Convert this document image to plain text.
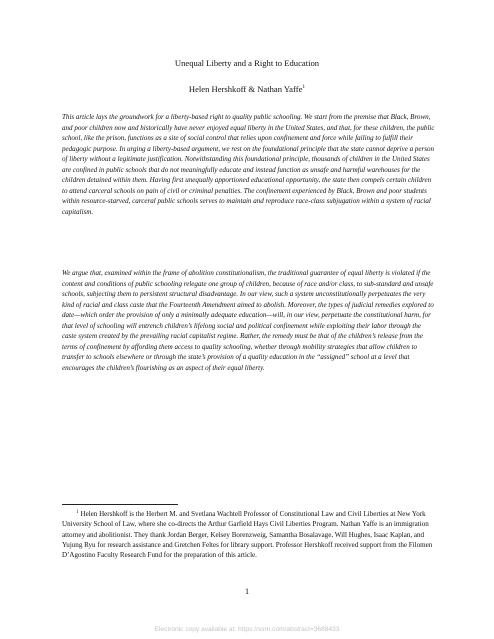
Unequal Liberty and a Right to Education
Helen Hershkoff & Nathan Yaffe$^1$

This article lays the groundwork for a liberty-based right to quality public schooling. We start from the premise that Black, Brown, and poor children now and historically have never enjoyed equal liberty in the United States, and that, for these children, the public school, like the prison, functions as a site of social control that relies upon confinement and force while failing to fulfill their pedagogic purpose. In urging a liberty-based argument, we rest on the foundational principle that the state cannot deprive a person of liberty without a legitimate justification. Notwithstanding this foundational principle, thousands of children in the United States are confined in public schools that do not meaningfully educate and instead function as unsafe and harmful warehouses for the children detained within them. Having first unequally apportioned educational opportunity, the state then compels certain children to attend carceral schools on pain of civil or criminal penalties. The confinement experienced by Black, Brown and poor students within resource-starved, carceral public schools serves to maintain and reproduce race-class subjugation within a system of racial capitalism.

We argue that, examined within the frame of abolition constitutionalism, the traditional guarantee of equal liberty is violated if the content and conditions of public schooling relegate one group of children, because of race and/or class, to sub-standard and unsafe schools, subjecting them to persistent structural disadvantage. In our view, such a system unconstitutionally perpetuates the very kind of racial and class caste that the Fourteenth Amendment aimed to abolish. Moreover, the types of judicial remedies explored to date—which order the provision of only a minimally adequate education—will, in our view, perpetuate the constitutional harm, for that level of schooling will entrench children’s lifelong social and political confinement while exploiting their labor through the caste system created by the prevailing racial capitalist regime. Rather, the remedy must be that of the children’s release from the terms of confinement by affording them access to quality schooling, whether through mobility strategies that allow children to transfer to schools elsewhere or through the state’s provision of a quality education in the “assigned” school at a level that encourages the children’s flourishing as an aspect of their equal liberty.

$^1$ Helen Hershkoff is the Herbert M. and Svetlana Wachtell Professor of Constitutional Law and Civil Liberties at New York University School of Law, where she co-directs the Arthur Garfield Hays Civil Liberties Program. Nathan Yaffe is an immigration attorney and abolitionist. They thank Jordan Berger, Kelsey Borenzweig, Samantha Bosalavage, Will Hughes, Isaac Kaplan, and Yujung Ryu for research assistance and Gretchen Feltes for library support. Professor Hershkoff received support from the Filomen D’Agostino Faculty Research Fund for the preparation of this article.

1
Electronic copy available at: https://ssrn.com/abstract=3688433
